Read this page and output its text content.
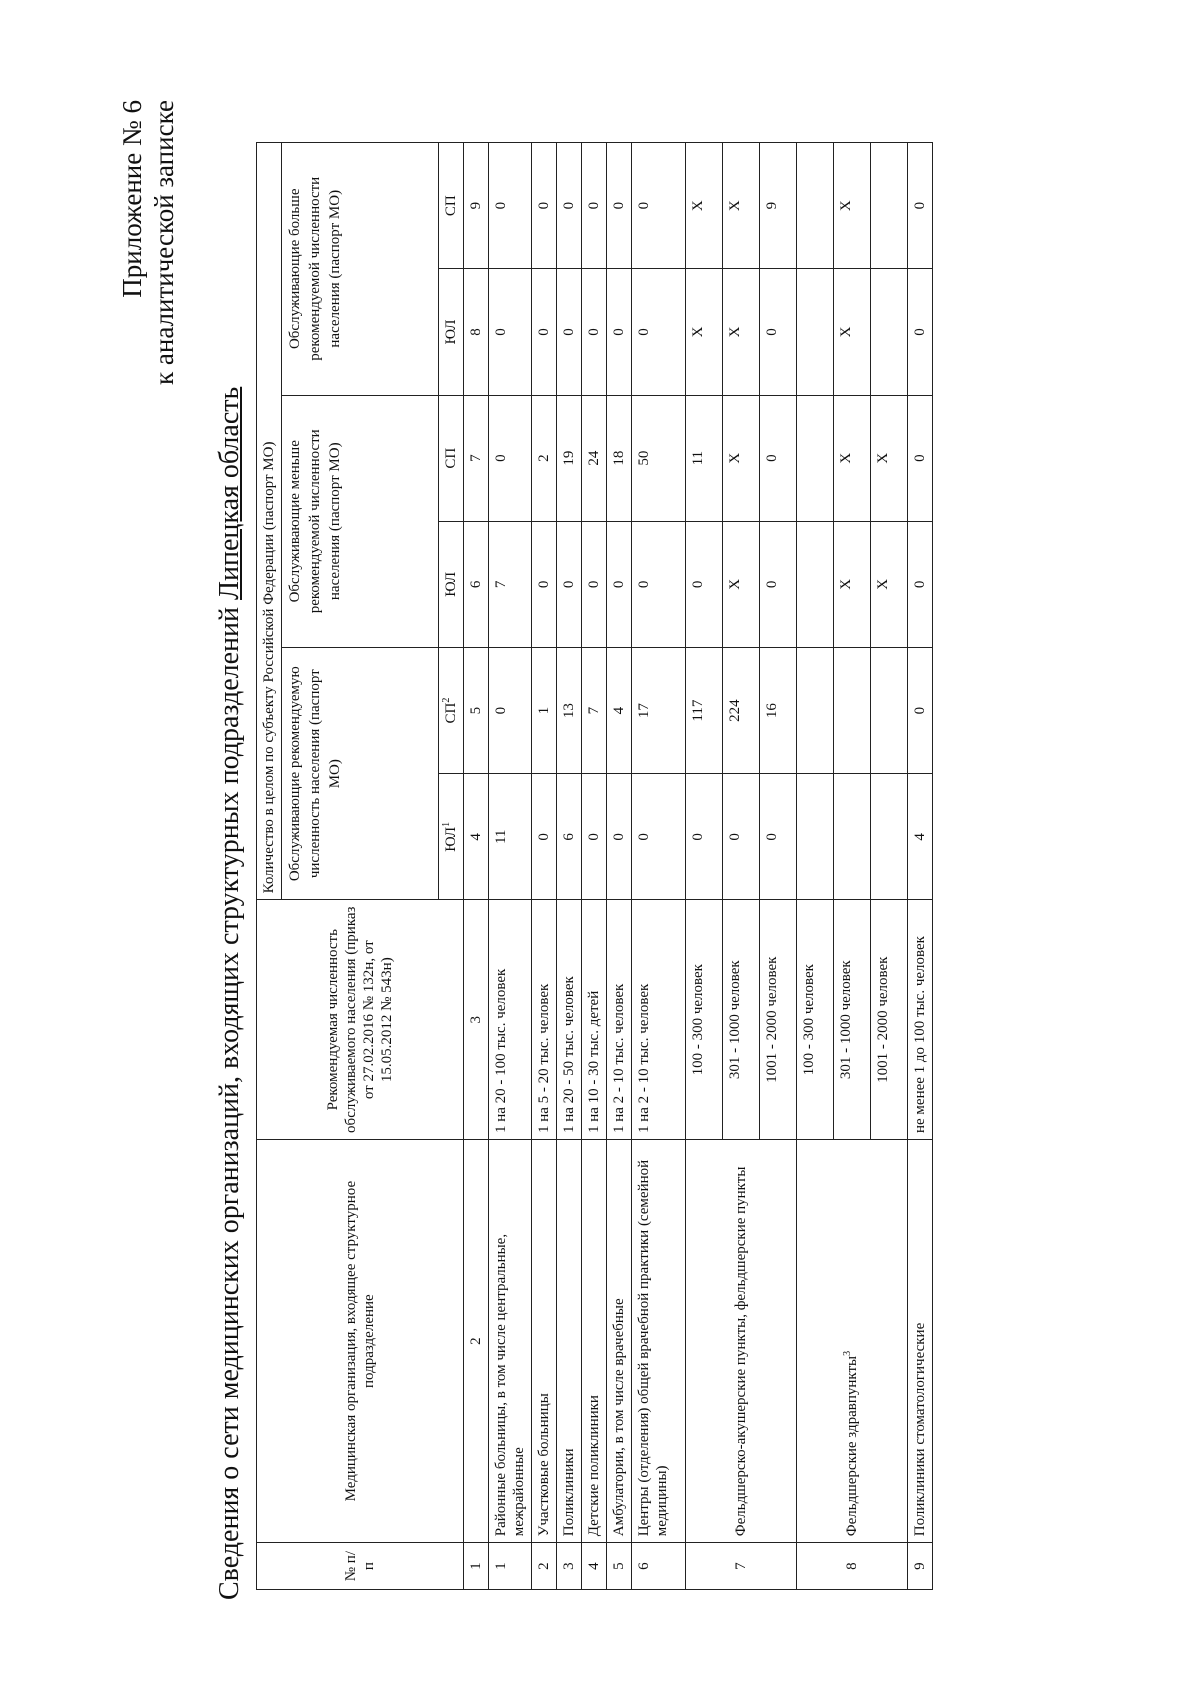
Приложение № 6 к аналитической записке
Сведения о сети медицинских организаций, входящих структурных подразделений Липецкая область
№ п/п	Медицинская организация, входящее структурное подразделение	Рекомендуемая численность обслуживаемого населения (приказ от 27.02.2016 № 132н, от 15.05.2012 № 543н)	Количество в целом по субъекту Российской Федерации (паспорт МО)					
			Обслуживающие рекомендуемую численность населения (паспорт МО)		Обслуживающие меньше рекомендуемой численности населения (паспорт МО)		Обслуживающие больше рекомендуемой численности населения (паспорт МО)	
			$ЮЛ^1$	$СП^2$	ЮЛ	СП	ЮЛ	СП
1	2	3	4	5	6	7	8	9
1	Районные больницы, в том числе центральные, межрайонные	1 на 20 - 100 тыс. человек	11	0	7	0	0	0
2	Участковые больницы	1 на 5 - 20 тыс. человек	0	1	0	2	0	0
3	Поликлиники	1 на 20 - 50 тыс. человек	6	13	0	19	0	0
4	Детские поликлиники	1 на 10 - 30 тыс. детей	0	7	0	24	0	0
5	Амбулатории, в том числе врачебные	1 на 2 - 10 тыс. человек	0	4	0	18	0	0
6	Центры (отделения) общей врачебной практики (семейной медицины)	1 на 2 - 10 тыс. человек	0	17	0	50	0	0
7	Фельдшерско-акушерские пункты, фельдшерские пункты	100 - 300 человек	0	117	0	11	X	X
		301 - 1000 человек	0	224	X	X	X	X
		1001 - 2000 человек	0	16	0	0	0	9
8	Фельдшерские здравпункты$^3$	100 - 300 человек						
		301 - 1000 человек			X	X	X	X
		1001 - 2000 человек			X	X		
9	Поликлиники стоматологические	не менее 1 до 100 тыс. человек	4	0	0	0	0	0
